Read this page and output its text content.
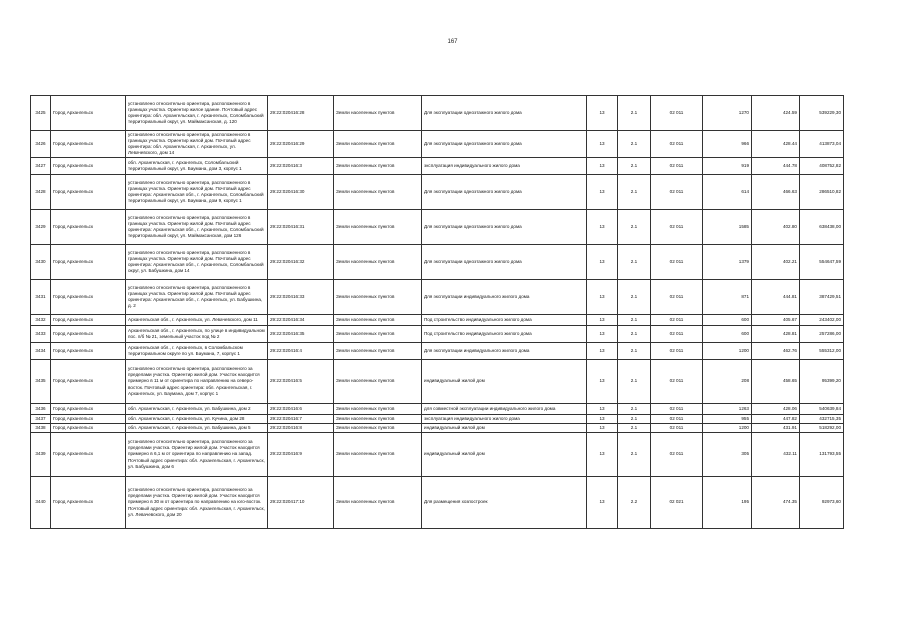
167
3425	Город Архангельск	установлено относительно ориентира, расположенного в границах участка. Ориентир жилое здание. Почтовый адрес ориентира: обл. Архангельская, г. Архангельск, Соломбальский территориальный округ, ул. Маймаксанская, д. 120	29:22:020416:28	Земли населенных пунктов	Для эксплуатации одноэтажного жилого дома	13	2.1	02 011	1270	424.59	539229,30
3426	Город Архангельск	установлено относительно ориентира, расположенного в границах участка. Ориентир жилой дом. Почтовый адрес ориентира: обл. Архангельская, г. Архангельск, ул. Левачевского, дом 14	29:22:020416:29	Земли населенных пунктов	Для эксплуатации одноэтажного жилого дома	13	2.1	02 011	966	428.44	413873,04
3427	Город Архангельск	обл. Архангельская, г. Архангельск, Соломбальский территориальный округ, ул. Баумана, дом 3, корпус 1	29:22:020416:3	Земли населенных пунктов	эксплуатация индивидуального жилого дома	13	2.1	02 011	919	444.78	408752,82
3428	Город Архангельск	установлено относительно ориентира, расположенного в границах участка. Ориентир жилой дом. Почтовый адрес ориентира: Архангельская обл., г. Архангельск, Соломбальский территориальный округ, ул. Баумана, дом 9, корпус 1	29:22:020416:30	Земли населенных пунктов	Для эксплуатации одноэтажного жилого дома	13	2.1	02 011	614	466.63	286510,82
3429	Город Архангельск	установлено относительно ориентира, расположенного в границах участка. Ориентир жилой дом. Почтовый адрес ориентира: Архангельская обл., г. Архангельск, Соломбальский территориальный округ, ул. Маймаксанская, дом 126	29:22:020416:31	Земли населенных пунктов	Для эксплуатации одноэтажного жилого дома	13	2.1	02 011	1585	402.80	638438,00
3430	Город Архангельск	установлено относительно ориентира, расположенного в границах участка. Ориентир жилой дом. Почтовый адрес ориентира: Архангельская обл., г. Архангельск, Соломбальский округ, ул. Бабушкина, дом 14	29:22:020416:32	Земли населенных пунктов	Для эксплуатации одноэтажного жилого дома	13	2.1	02 011	1379	402.21	554647,59
3431	Город Архангельск	установлено относительно ориентира, расположенного в границах участка. Ориентир жилой дом. Почтовый адрес ориентира: Архангельская обл., г. Архангельск, ул. Бабушкина, д. 2	29:22:020416:33	Земли населенных пунктов	Для эксплуатации индивидуального жилого дома	13	2.1	02 011	871	444.81	387429,51
3432	Город Архангельск	Архангельская обл., г. Архангельск, ул. Левачевского, дом 11	29:22:020416:34	Земли населенных пунктов	Под строительство индивидуального жилого дома	13	2.1	02 011	600	405.67	243402,00
3433	Город Архангельск	Архангельская обл., г. Архангельск, по улице в индивидуальном пос. п/б № 21, земельный участок под № 2	29:22:020416:35	Земли населенных пунктов	Под строительство индивидуального жилого дома	13	2.1	02 011	600	428.81	257286,00
3434	Город Архангельск	Архангельская обл., г. Архангельск, в Соломбальском территориальном округе по ул. Баумана, 7, корпус 1	29:22:020416:4	Земли населенных пунктов	Для эксплуатации индивидуального жилого дома	13	2.1	02 011	1200	462.76	555312,00
3435	Город Архангельск	установлено относительно ориентира, расположенного за пределами участка. Ориентир жилой дом. Участок находится примерно в 11 м от ориентира по направлению на северо-восток. Почтовый адрес ориентира: обл. Архангельская, г. Архангельск, ул. Баумана, дом 7, корпус 1	29:22:020416:5	Земли населенных пунктов	индивидуальный жилой дом	13	2.1	02 011	208	458.65	95399,20
3436	Город Архангельск	обл. Архангельская, г. Архангельск, ул. Бабушкина, дом 2	29:22:020416:6	Земли населенных пунктов	для совместной эксплуатации индивидуального жилого дома	13	2.1	02 011	1263	428.06	540639,84
3437	Город Архангельск	обл. Архангельская, г. Архангельск, ул. Кучина, дом 28	29:22:020416:7	Земли населенных пунктов	эксплуатация индивидуального жилого дома	13	2.1	02 011	955	447.82	432715,35
3438	Город Архангельск	обл. Архангельская, г. Архангельск, ул. Бабушкина, дом 5	29:22:020416:8	Земли населенных пунктов	индивидуальный жилой дом	13	2.1	02 011	1200	431.91	518292,00
3439	Город Архангельск	установлено относительно ориентира, расположенного за пределами участка. Ориентир жилой дом. Участок находится примерно в 6,1 м от ориентира по направлению на запад. Почтовый адрес ориентира: обл. Архангельская, г. Архангельск, ул. Бабушкина, дом 6	29:22:020416:9	Земли населенных пунктов	индивидуальный жилой дом	13	2.1	02 011	305	432.11	131793,55
3440	Город Архангельск	установлено относительно ориентира, расположенного за пределами участка. Ориентир жилой дом. Участок находится примерно в 30 м от ориентира по направлению на юго-восток. Почтовый адрес ориентира: обл. Архангельская, г. Архангельск, ул. Левачевского, дом 20	29:22:020417:10	Земли населенных пунктов	Для размещения хозпостроек	13	2.2	02 021	195	474.35	92973,60
